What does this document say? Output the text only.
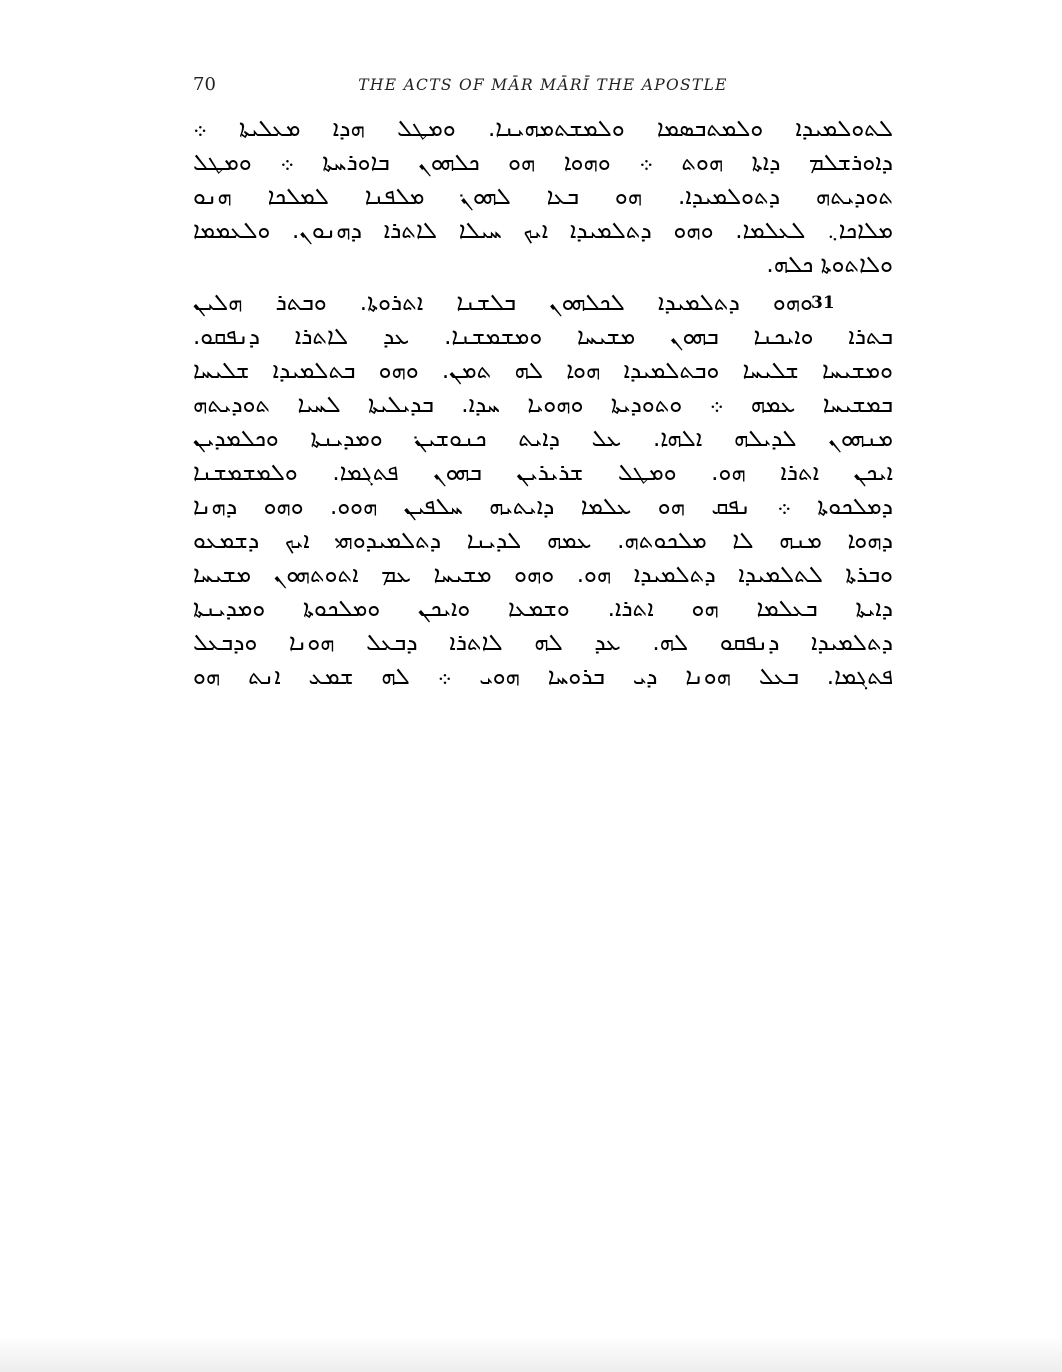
70	THE ACTS OF MĀR MĀRĪ THE APOSTLE
ܠܬܘܠܡܝܕܐ ܘܠܡܬܒܣܡܐ ܘܠܡܫܬܡܗܝܢܐ. ܘܡܛܠ ܗܕܐ ܡܥܠܝܬܐ ܀
ܕܐܘܪܫܠܡ ܕܐܬܐ ܗܘܬ ܀ ܘܗܘܐ ܗܘ ܟܠܗܘܢ ܒܐܘܪܚܬܐ ܀ ܘܡܛܠ
ܬܘܕܝܬܗ ܕܬܘܠܡܝܕܐ. ܗܘ ܒܥܐ ܠܗܘܢ݀ ܡܠܦܢܐ ܠܡܠܟܐ ܗܢܘ
ܡܠܐܟܐ܆ ܠܥܠܡܐ. ܘܗܘ ܕܬܠܡܝܕܐ ܐܝܟ ܚܝܠܐ ܠܐܬܪܐ ܕܗܢܘܢ. ܘܠܥܡܡܐ
ܘܠܐܬܘܬܐ ܟܠܗ.
31
ܘܗܘ ܕܬܠܡܝܕܐ ܠܟܠܗܘܢ ܒܠܫܢܐ ܐܬܪܘܬܐ. ܘܒܬܪ ܗܠܝܢ
ܒܬܪܐ ܘܐܝܟܢܐ ܒܗܘܢ ܡܫܝܚܐ ܘܡܫܡܫܢܐ. ܥܕ ܠܐܬܪܐ ܕܢܦܩܘ.
ܘܡܫܝܚܐ ܫܠܝܚܐ ܘܒܬܠܡܝܕܐ ܗܘܐ ܠܗ ܬܡܢ. ܘܗܘ ܒܬܠܡܝܕܐ ܫܠܝܚܐ
ܒܡܫܝܚܐ ܥܡܗ ܀ ܘܬܘܕܝܬܐ ܘܗܘܝܐ ܚܕܐ. ܒܕܝܠܝܬܐ ܠܚܝܐ ܬܘܕܝܬܗ
ܡܢܗܘܢ ܠܕܝܠܗ ܐܠܗܐ. ܥܠ ܕܐܝܬ ܟܢܘܫܝܢ݀ ܘܡܕܝܢܬܐ ܘܟܠܡܕܝܢ
ܐܝܟܢ ܐܬܪܐ ܗܘ. ܘܡܛܠ ܫܪܝܪܝܢ ܒܗܘܢ ܦܬܓܡܐ. ܘܠܡܫܡܫܢܐ
ܕܡܠܟܘܬܐ ܀ ܢܦܩ ܗܘ ܥܠܡܐ ܕܐܝܬܝܗ ܚܠܦܝܢ ܗܘܘ. ܘܗܘ ܕܗܢܐ
ܕܗܘܐ ܡܢܗ ܠܐ ܡܠܟܘܬܗ. ܥܡܗ ܠܕܝܢܐ ܕܬܠܡܝܕܘܗܝ݀ ܐܝܟ ܕܫܡܥܘ
ܘܒܪܬܐ ܠܬܠܡܝܕܐ ܕܬܠܡܝܕܐ ܗܘ. ܘܗܘ ܡܫܝܚܐ ܥܡ ܐܬܘܬܗܘܢ ܡܫܝܚܐ
ܕܐܝܬܐ ܒܥܠܡܐ ܗܘ ܐܬܪܐ. ܘܫܡܥܐ ܘܐܝܟܢ ܘܡܠܟܘܬܐ ܘܡܕܝܢܬܐ
ܕܬܠܡܝܕܐ ܕܢܦܩܘ ܠܗ. ܥܕ ܠܗ ܠܐܬܪܐ ܕܒܥܠ ܗܘܢܐ ܘܕܒܥܠ
ܦܬܓܡܐ. ܒܥܠ ܗܘܢܐ ܕܝ ܒܪܘܚܐ ܗܘܝ ܀ ܠܗ ܫܡܥ ܐܢܬ ܗܘ
